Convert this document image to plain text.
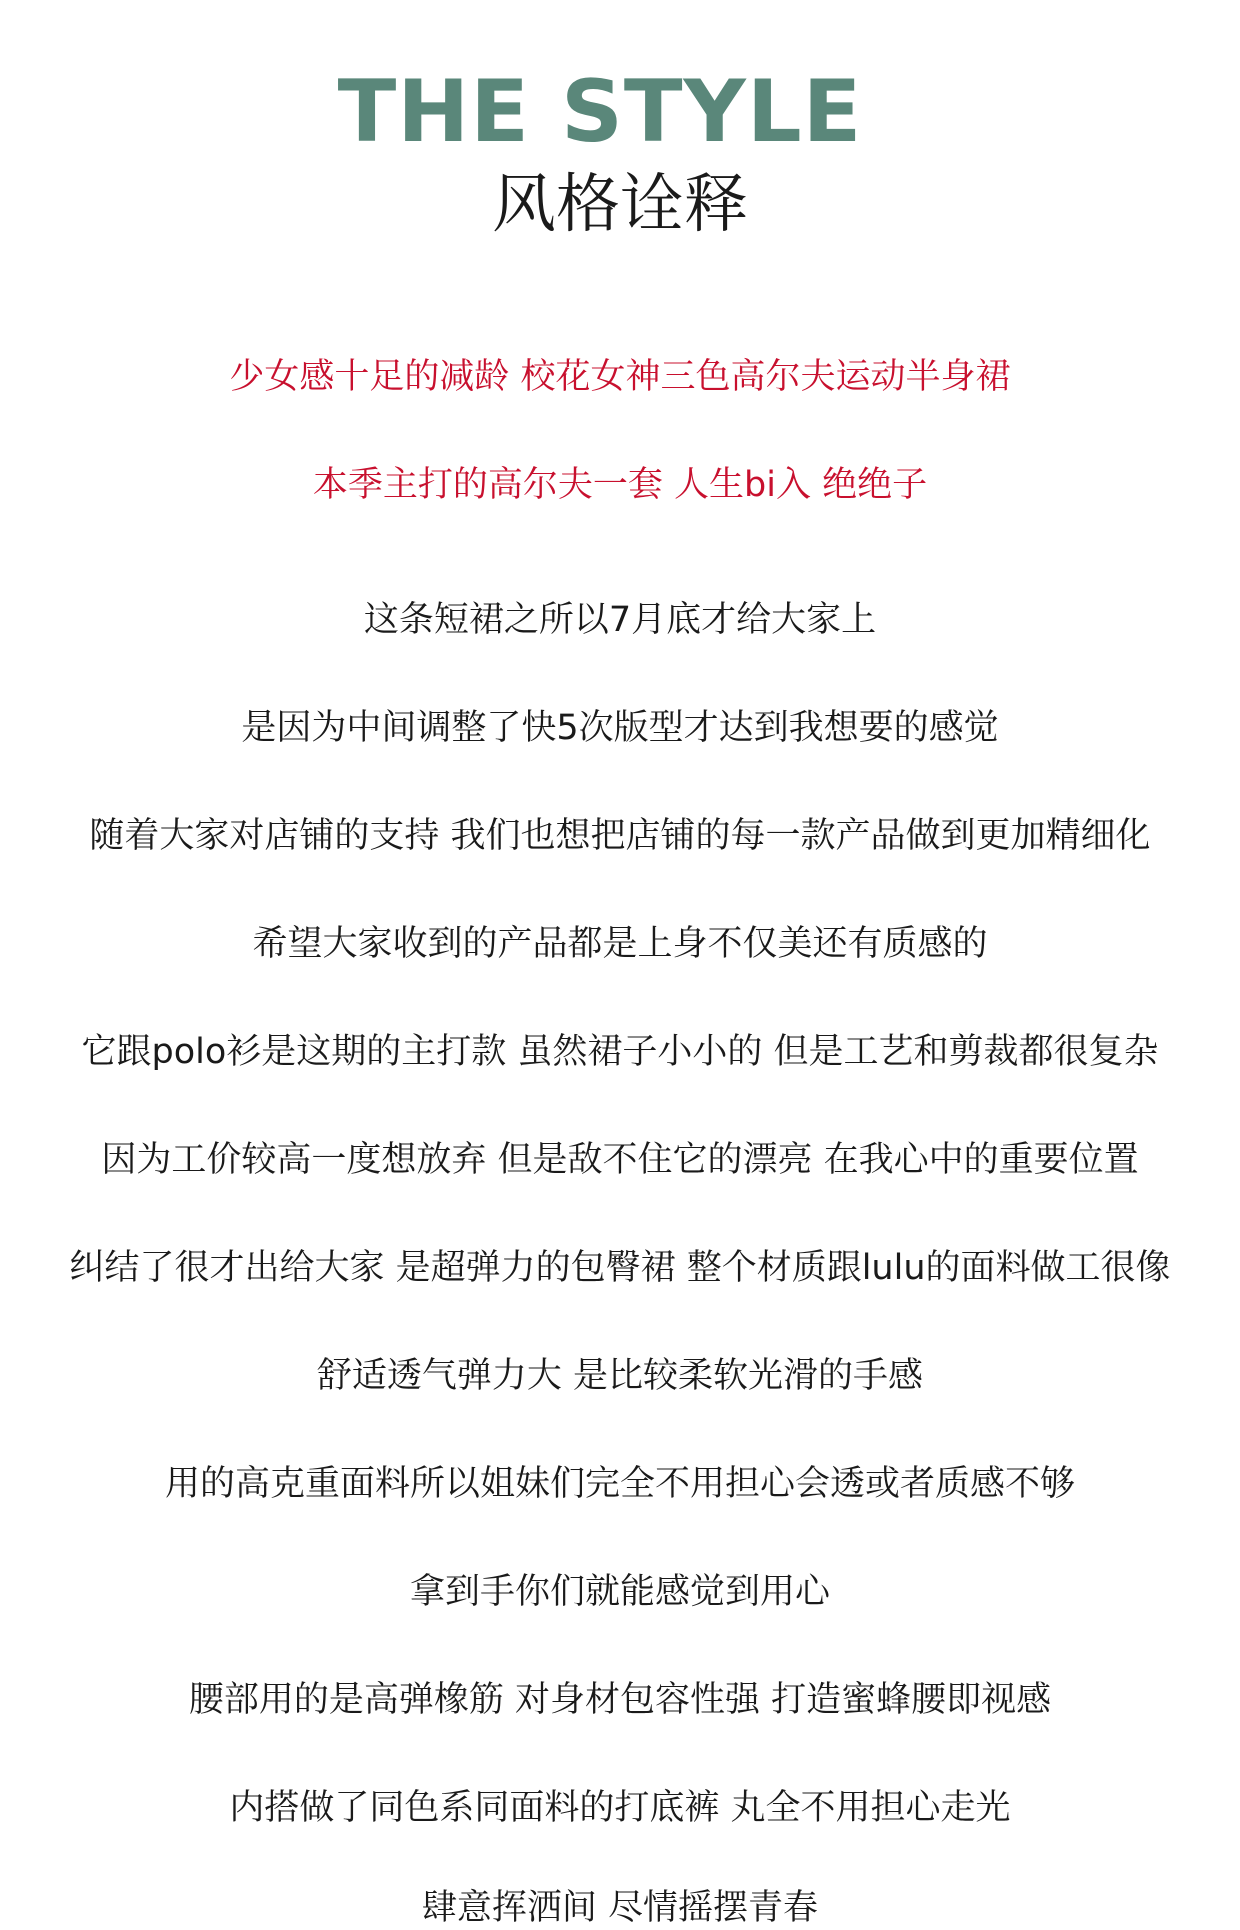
THE STYLE
风格诠释
少女感十足的减龄 校花女神三色高尔夫运动半身裙
本季主打的高尔夫一套 人生bi入 绝绝子
这条短裙之所以7月底才给大家上
是因为中间调整了快5次版型才达到我想要的感觉
随着大家对店铺的支持 我们也想把店铺的每一款产品做到更加精细化
希望大家收到的产品都是上身不仅美还有质感的
它跟polo衫是这期的主打款 虽然裙子小小的 但是工艺和剪裁都很复杂
因为工价较高一度想放弃 但是敌不住它的漂亮 在我心中的重要位置
纠结了很才出给大家 是超弹力的包臀裙 整个材质跟lulu的面料做工很像
舒适透气弹力大 是比较柔软光滑的手感
用的高克重面料所以姐妹们完全不用担心会透或者质感不够
拿到手你们就能感觉到用心
腰部用的是高弹橡筋 对身材包容性强 打造蜜蜂腰即视感
内搭做了同色系同面料的打底裤 丸全不用担心走光
肆意挥洒间 尽情摇摆青春
